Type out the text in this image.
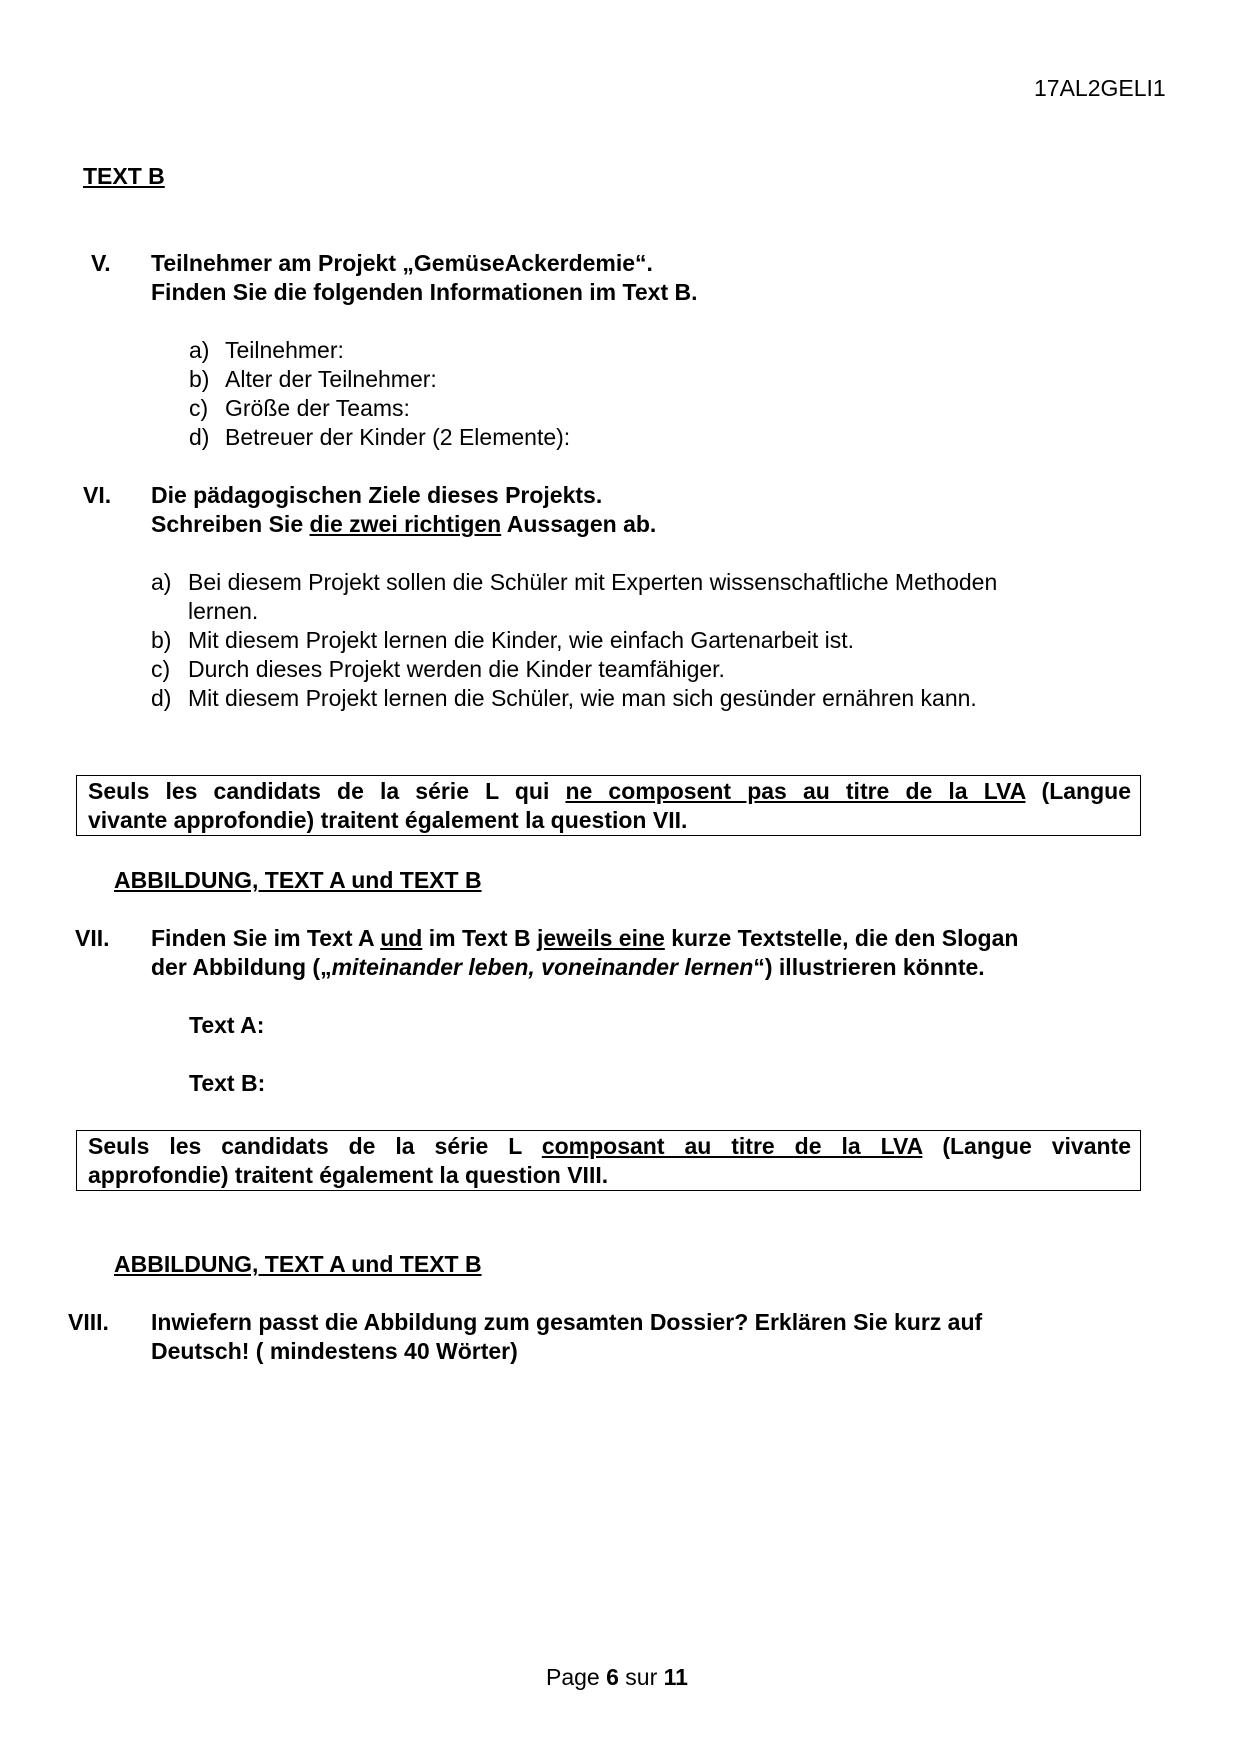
17AL2GELI1
TEXT B
V. Teilnehmer am Projekt „GemüseAckerdemie“.
Finden Sie die folgenden Informationen im Text B.
a) Teilnehmer:
b) Alter der Teilnehmer:
c) Größe der Teams:
d) Betreuer der Kinder (2 Elemente):
VI. Die pädagogischen Ziele dieses Projekts.
Schreiben Sie die zwei richtigen Aussagen ab.
a) Bei diesem Projekt sollen die Schüler mit Experten wissenschaftliche Methoden
lernen.
b) Mit diesem Projekt lernen die Kinder, wie einfach Gartenarbeit ist.
c) Durch dieses Projekt werden die Kinder teamfähiger.
d) Mit diesem Projekt lernen die Schüler, wie man sich gesünder ernähren kann.
Seuls les candidats de la série L qui ne composent pas au titre de la LVA (Langue
vivante approfondie) traitent également la question VII.
ABBILDUNG, TEXT A und TEXT B
VII. Finden Sie im Text A und im Text B jeweils eine kurze Textstelle, die den Slogan
der Abbildung („miteinander leben, voneinander lernen“) illustrieren könnte.
Text A:
Text B:
Seuls les candidats de la série L composant au titre de la LVA (Langue vivante
approfondie) traitent également la question VIII.
ABBILDUNG, TEXT A und TEXT B
VIII. Inwiefern passt die Abbildung zum gesamten Dossier? Erklären Sie kurz auf
Deutsch! ( mindestens 40 Wörter)
Page 6 sur 11
